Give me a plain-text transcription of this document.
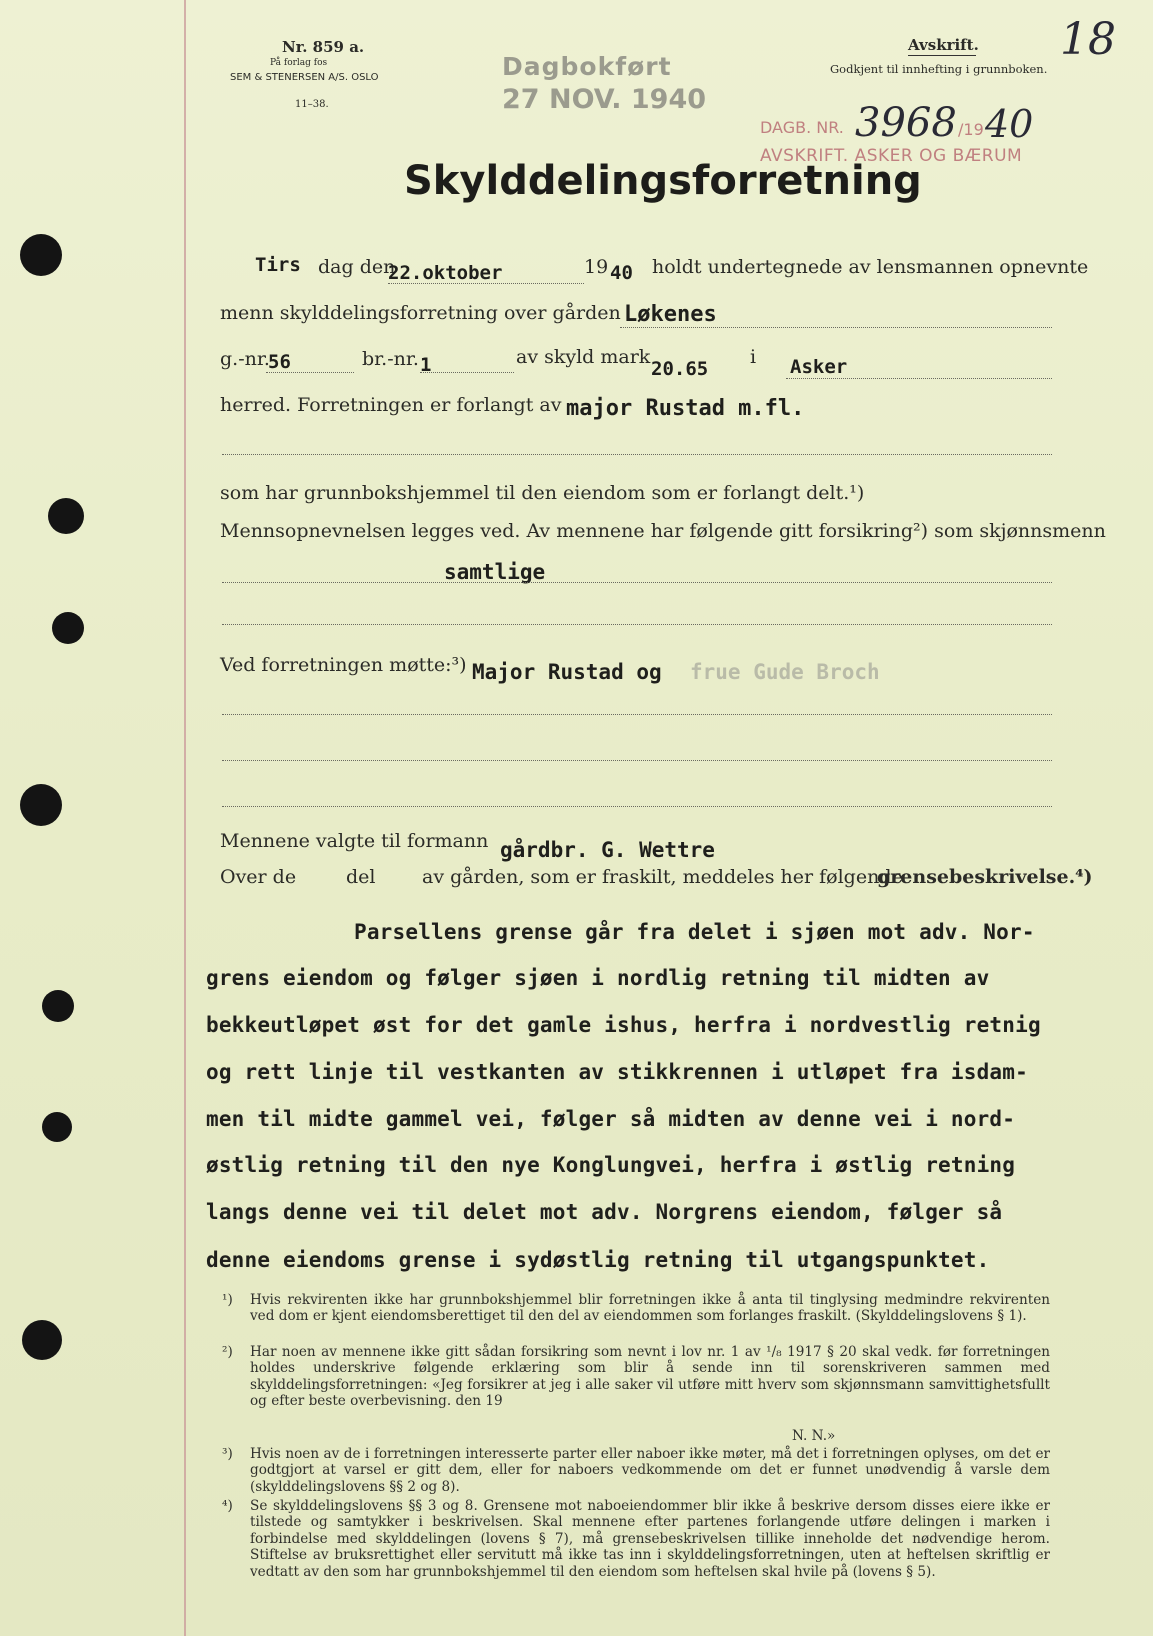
Nr. 859 a.
På forlag fos
SEM & STENERSEN A/S. OSLO
11–38.
Dagbokført
27 NOV. 1940
Avskrift.
Godkjent til innhefting i grunnboken.
18
DAGB. NR. 3968 /19 40
AVSKRIFT. ASKER OG BÆRUM
Skylddelingsforretning
Tirs dag den
22.oktober	19 40 holdt undertegnede av lensmannen opnevnte
menn skylddelingsforretning over gården Løkenes
g.-nr.
56	br.-nr. 1	av skyld mark
20.65
i Asker
herred. Forretningen er forlangt av major Rustad m.fl.
som har grunnbokshjemmel til den eiendom som er forlangt delt.¹)
Mennsopnevnelsen legges ved. Av mennene har følgende gitt forsikring²) som skjønnsmenn
samtlige
Ved forretningen møtte:³) Major Rustad og frue Gude Broch
Mennene valgte til formann gårdbr. G. Wettre
Over de	del av gården, som er fraskilt, meddeles her følgende
grensebeskrivelse.⁴)
Parsellens grense går fra delet i sjøen mot adv. Nor-
grens eiendom og følger sjøen i nordlig retning til midten av
bekkeutløpet øst for det gamle ishus, herfra i nordvestlig retnig
og rett linje til vestkanten av stikkrennen i utløpet fra isdam-
men til midte gammel vei, følger så midten av denne vei i nord-
østlig retning til den nye Konglungvei, herfra i østlig retning
langs denne vei til delet mot adv. Norgrens eiendom, følger så
denne eiendoms grense i sydøstlig retning til utgangspunktet.
¹) Hvis rekvirenten ikke har grunnbokshjemmel blir forretningen ikke å anta til tinglysing medmindre rekvirenten ved dom er kjent eiendomsberettiget til den del av eiendommen som forlanges fraskilt. (Skylddelingslovens § 1).
²) Har noen av mennene ikke gitt sådan forsikring som nevnt i lov nr. 1 av ¹/₈ 1917 § 20 skal vedk. før forretningen holdes underskrive følgende erklæring som blir å sende inn til sorenskriveren sammen med skylddelingsforretningen: «Jeg forsikrer at jeg i alle saker vil utføre mitt hverv som skjønnsmann samvittighetsfullt og efter beste overbevisning. den 19
N. N.»
³) Hvis noen av de i forretningen interesserte parter eller naboer ikke møter, må det i forretningen oplyses, om det er godtgjort at varsel er gitt dem, eller for naboers vedkommende om det er funnet unødvendig å varsle dem (skylddelingslovens §§ 2 og 8).
⁴) Se skylddelingslovens §§ 3 og 8. Grensene mot naboeiendommer blir ikke å beskrive dersom disses eiere ikke er tilstede og samtykker i beskrivelsen. Skal mennene efter partenes forlangende utføre delingen i marken i forbindelse med skylddelingen (lovens § 7), må grensebeskrivelsen tillike inneholde det nødvendige herom. Stiftelse av bruksrettighet eller servitutt må ikke tas inn i skylddelingsforretningen, uten at heftelsen skriftlig er vedtatt av den som har grunnbokshjemmel til den eiendom som heftelsen skal hvile på (lovens § 5).
